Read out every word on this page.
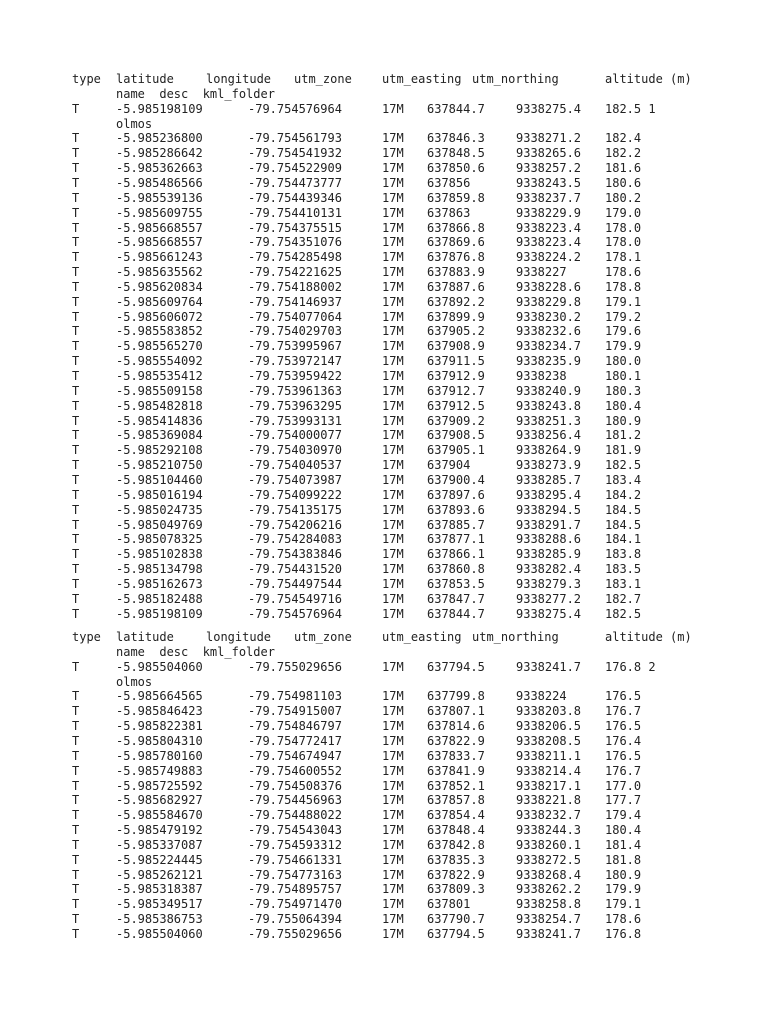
type latitude	longitude utm_zone	utm_easting utm_northing	altitude (m)
name  desc  kml_folder
T	-5.985198109	-79.754576964	17M 637844.7	9338275.4 182.5 1
olmos
T	-5.985236800	-79.754561793	17M 637846.3	9338271.2 182.4
T	-5.985286642	-79.754541932	17M 637848.5	9338265.6 182.2
T	-5.985362663	-79.754522909	17M 637850.6	9338257.2 181.6
T	-5.985486566	-79.754473777	17M 637856	9338243.5 180.6
T	-5.985539136	-79.754439346	17M 637859.8	9338237.7 180.2
T	-5.985609755	-79.754410131	17M 637863	9338229.9 179.0
T	-5.985668557	-79.754375515	17M 637866.8	9338223.4 178.0
T	-5.985668557	-79.754351076	17M 637869.6	9338223.4 178.0
T	-5.985661243	-79.754285498	17M 637876.8	9338224.2 178.1
T	-5.985635562	-79.754221625	17M 637883.9	9338227	178.6
T	-5.985620834	-79.754188002	17M 637887.6	9338228.6 178.8
T	-5.985609764	-79.754146937	17M 637892.2	9338229.8 179.1
T	-5.985606072	-79.754077064	17M 637899.9	9338230.2 179.2
T	-5.985583852	-79.754029703	17M 637905.2	9338232.6 179.6
T	-5.985565270	-79.753995967	17M 637908.9	9338234.7 179.9
T	-5.985554092	-79.753972147	17M 637911.5	9338235.9 180.0
T	-5.985535412	-79.753959422	17M 637912.9	9338238	180.1
T	-5.985509158	-79.753961363	17M 637912.7	9338240.9 180.3
T	-5.985482818	-79.753963295	17M 637912.5	9338243.8 180.4
T	-5.985414836	-79.753993131	17M 637909.2	9338251.3 180.9
T	-5.985369084	-79.754000077	17M 637908.5	9338256.4 181.2
T	-5.985292108	-79.754030970	17M 637905.1	9338264.9 181.9
T	-5.985210750	-79.754040537	17M 637904	9338273.9 182.5
T	-5.985104460	-79.754073987	17M 637900.4	9338285.7 183.4
T	-5.985016194	-79.754099222	17M 637897.6	9338295.4 184.2
T	-5.985024735	-79.754135175	17M 637893.6	9338294.5 184.5
T	-5.985049769	-79.754206216	17M 637885.7	9338291.7 184.5
T	-5.985078325	-79.754284083	17M 637877.1	9338288.6 184.1
T	-5.985102838	-79.754383846	17M 637866.1	9338285.9 183.8
T	-5.985134798	-79.754431520	17M 637860.8	9338282.4 183.5
T	-5.985162673	-79.754497544	17M 637853.5	9338279.3 183.1
T	-5.985182488	-79.754549716	17M 637847.7	9338277.2 182.7
T	-5.985198109	-79.754576964	17M 637844.7	9338275.4 182.5
type latitude	longitude utm_zone	utm_easting utm_northing	altitude (m)
name  desc  kml_folder
T	-5.985504060	-79.755029656	17M 637794.5	9338241.7 176.8 2
olmos
T	-5.985664565	-79.754981103	17M 637799.8	9338224	176.5
T	-5.985846423	-79.754915007	17M 637807.1	9338203.8 176.7
T	-5.985822381	-79.754846797	17M 637814.6	9338206.5 176.5
T	-5.985804310	-79.754772417	17M 637822.9	9338208.5 176.4
T	-5.985780160	-79.754674947	17M 637833.7	9338211.1 176.5
T	-5.985749883	-79.754600552	17M 637841.9	9338214.4 176.7
T	-5.985725592	-79.754508376	17M 637852.1	9338217.1 177.0
T	-5.985682927	-79.754456963	17M 637857.8	9338221.8 177.7
T	-5.985584670	-79.754488022	17M 637854.4	9338232.7 179.4
T	-5.985479192	-79.754543043	17M 637848.4	9338244.3 180.4
T	-5.985337087	-79.754593312	17M 637842.8	9338260.1 181.4
T	-5.985224445	-79.754661331	17M 637835.3	9338272.5 181.8
T	-5.985262121	-79.754773163	17M 637822.9	9338268.4 180.9
T	-5.985318387	-79.754895757	17M 637809.3	9338262.2 179.9
T	-5.985349517	-79.754971470	17M 637801	9338258.8 179.1
T	-5.985386753	-79.755064394	17M 637790.7	9338254.7 178.6
T	-5.985504060	-79.755029656	17M 637794.5	9338241.7 176.8
